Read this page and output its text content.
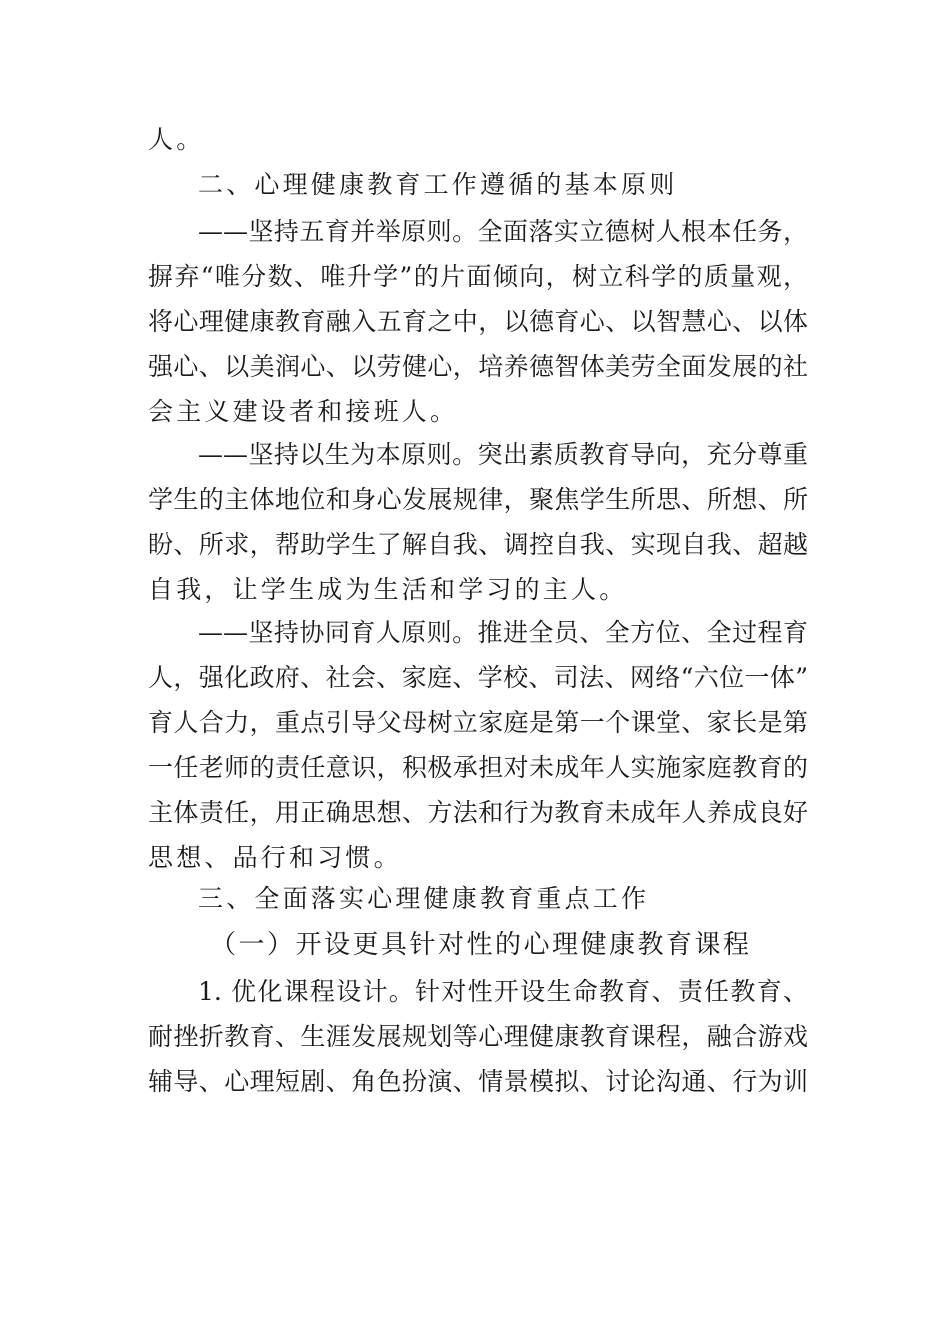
人。
二、心理健康教育工作遵循的基本原则
——坚持五育并举原则。全面落实立德树人根本任务，
摒弃“唯分数、唯升学”的片面倾向，树立科学的质量观，
将心理健康教育融入五育之中，以德育心、以智慧心、以体
强心、以美润心、以劳健心，培养德智体美劳全面发展的社
会主义建设者和接班人。
——坚持以生为本原则。突出素质教育导向，充分尊重
学生的主体地位和身心发展规律，聚焦学生所思、所想、所
盼、所求，帮助学生了解自我、调控自我、实现自我、超越
自我，让学生成为生活和学习的主人。
——坚持协同育人原则。推进全员、全方位、全过程育
人，强化政府、社会、家庭、学校、司法、网络“六位一体”
育人合力，重点引导父母树立家庭是第一个课堂、家长是第
一任老师的责任意识，积极承担对未成年人实施家庭教育的
主体责任，用正确思想、方法和行为教育未成年人养成良好
思想、品行和习惯。
三、全面落实心理健康教育重点工作
（一）开设更具针对性的心理健康教育课程
1. 优化课程设计。针对性开设生命教育、责任教育、
耐挫折教育、生涯发展规划等心理健康教育课程，融合游戏
辅导、心理短剧、角色扮演、情景模拟、讨论沟通、行为训
